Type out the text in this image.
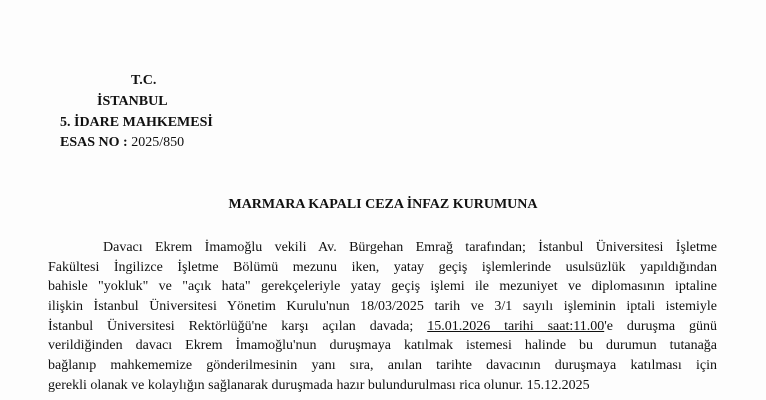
T.C.
İSTANBUL
5. İDARE MAHKEMESİ
ESAS NO : 2025/850
MARMARA KAPALI CEZA İNFAZ KURUMUNA
Davacı Ekrem İmamoğlu vekili Av. Bürgehan Emrağ tarafından; İstanbul Üniversitesi İşletme
Fakültesi İngilizce İşletme Bölümü mezunu iken, yatay geçiş işlemlerinde usulsüzlük yapıldığından
bahisle "yokluk" ve "açık hata" gerekçeleriyle yatay geçiş işlemi ile mezuniyet ve diplomasının iptaline
ilişkin İstanbul Üniversitesi Yönetim Kurulu'nun 18/03/2025 tarih ve 3/1 sayılı işleminin iptali istemiyle
İstanbul Üniversitesi Rektörlüğü'ne karşı açılan davada; 15.01.2026 tarihi saat:11.00'e duruşma günü
verildiğinden davacı Ekrem İmamoğlu'nun duruşmaya katılmak istemesi halinde bu durumun tutanağa
bağlanıp mahkememize gönderilmesinin yanı sıra, anılan tarihte davacının duruşmaya katılması için
gerekli olanak ve kolaylığın sağlanarak duruşmada hazır bulundurulması rica olunur. 15.12.2025
